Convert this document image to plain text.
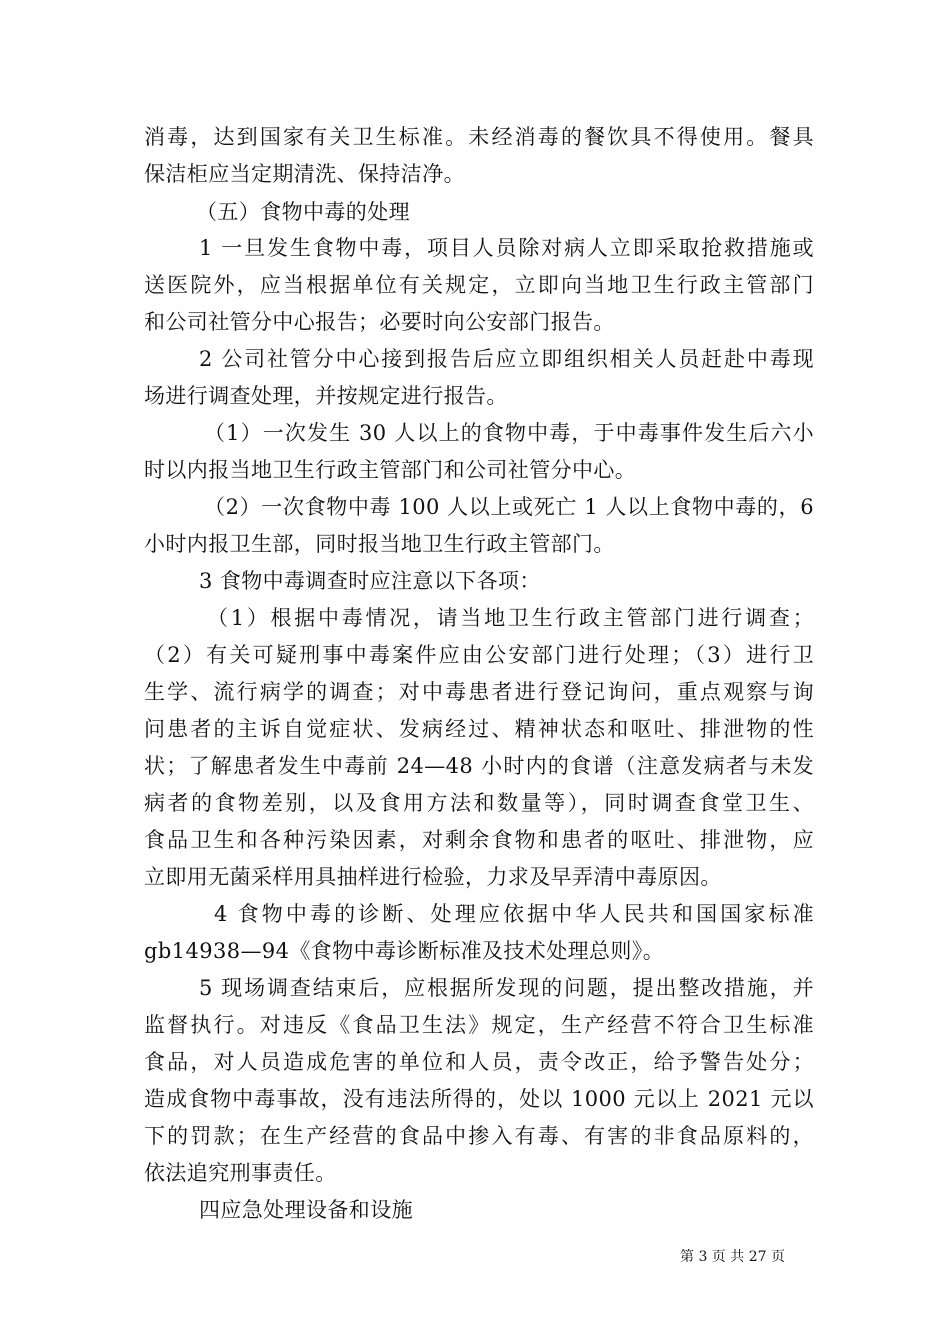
消毒，达到国家有关卫生标准。未经消毒的餐饮具不得使用。餐具
保洁柜应当定期清洗、保持洁净。
（五）食物中毒的处理
1 一旦发生食物中毒，项目人员除对病人立即采取抢救措施或
送医院外，应当根据单位有关规定，立即向当地卫生行政主管部门
和公司社管分中心报告；必要时向公安部门报告。
2 公司社管分中心接到报告后应立即组织相关人员赶赴中毒现
场进行调查处理，并按规定进行报告。
（1）一次发生 30 人以上的食物中毒，于中毒事件发生后六小
时以内报当地卫生行政主管部门和公司社管分中心。
（2）一次食物中毒 100 人以上或死亡 1 人以上食物中毒的，6
小时内报卫生部，同时报当地卫生行政主管部门。
3 食物中毒调查时应注意以下各项：
（1）根据中毒情况，请当地卫生行政主管部门进行调查；
（2）有关可疑刑事中毒案件应由公安部门进行处理；（3）进行卫
生学、流行病学的调查；对中毒患者进行登记询问，重点观察与询
问患者的主诉自觉症状、发病经过、精神状态和呕吐、排泄物的性
状；了解患者发生中毒前 24—48 小时内的食谱（注意发病者与未发
病者的食物差别，以及食用方法和数量等），同时调查食堂卫生、
食品卫生和各种污染因素，对剩余食物和患者的呕吐、排泄物，应
立即用无菌采样用具抽样进行检验，力求及早弄清中毒原因。
4 食物中毒的诊断、处理应依据中华人民共和国国家标准
gb14938—94《食物中毒诊断标准及技术处理总则》。
5 现场调查结束后，应根据所发现的问题，提出整改措施，并
监督执行。对违反《食品卫生法》规定，生产经营不符合卫生标准
食品，对人员造成危害的单位和人员，责令改正，给予警告处分；
造成食物中毒事故，没有违法所得的，处以 1000 元以上 2021 元以
下的罚款；在生产经营的食品中掺入有毒、有害的非食品原料的，
依法追究刑事责任。
四应急处理设备和设施
第 3 页 共 27 页
